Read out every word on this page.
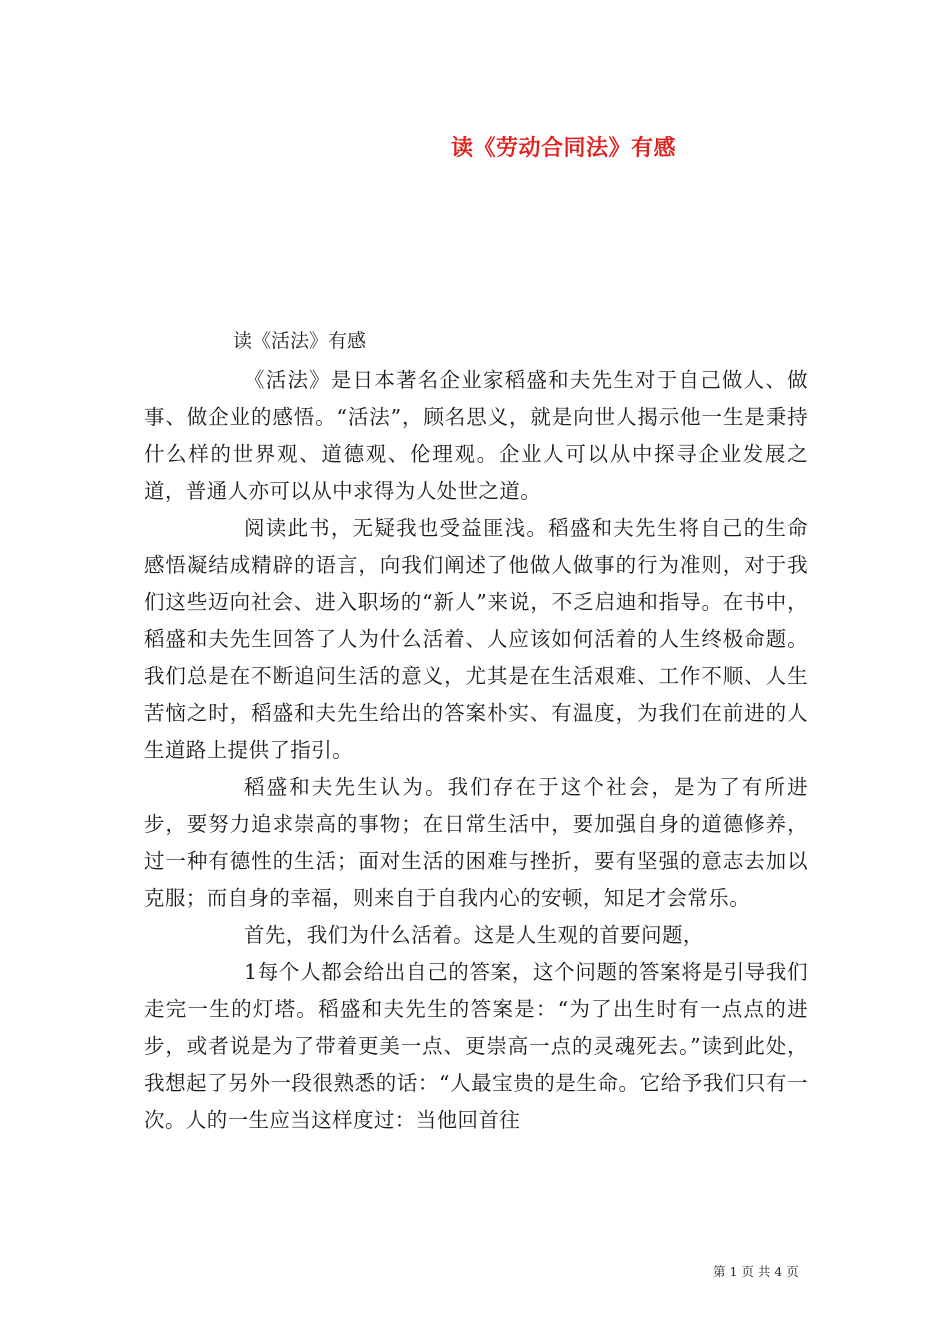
读《劳动合同法》有感
读《活法》有感

《活法》是日本著名企业家稻盛和夫先生对于自己做人、做事、做企业的感悟。“活法”，顾名思义，就是向世人揭示他一生是秉持什么样的世界观、道德观、伦理观。企业人可以从中探寻企业发展之道，普通人亦可以从中求得为人处世之道。

阅读此书，无疑我也受益匪浅。稻盛和夫先生将自己的生命感悟凝结成精辟的语言，向我们阐述了他做人做事的行为准则，对于我们这些迈向社会、进入职场的“新人”来说，不乏启迪和指导。在书中，稻盛和夫先生回答了人为什么活着、人应该如何活着的人生终极命题。我们总是在不断追问生活的意义，尤其是在生活艰难、工作不顺、人生苦恼之时，稻盛和夫先生给出的答案朴实、有温度，为我们在前进的人生道路上提供了指引。

稻盛和夫先生认为。我们存在于这个社会，是为了有所进步，要努力追求崇高的事物；在日常生活中，要加强自身的道德修养，过一种有德性的生活；面对生活的困难与挫折，要有坚强的意志去加以克服；而自身的幸福，则来自于自我内心的安顿，知足才会常乐。

首先，我们为什么活着。这是人生观的首要问题，

1每个人都会给出自己的答案，这个问题的答案将是引导我们走完一生的灯塔。稻盛和夫先生的答案是：“为了出生时有一点点的进步，或者说是为了带着更美一点、更崇高一点的灵魂死去。”读到此处，我想起了另外一段很熟悉的话：“人最宝贵的是生命。它给予我们只有一次。人的一生应当这样度过：当他回首往

第 1 页 共 4 页
